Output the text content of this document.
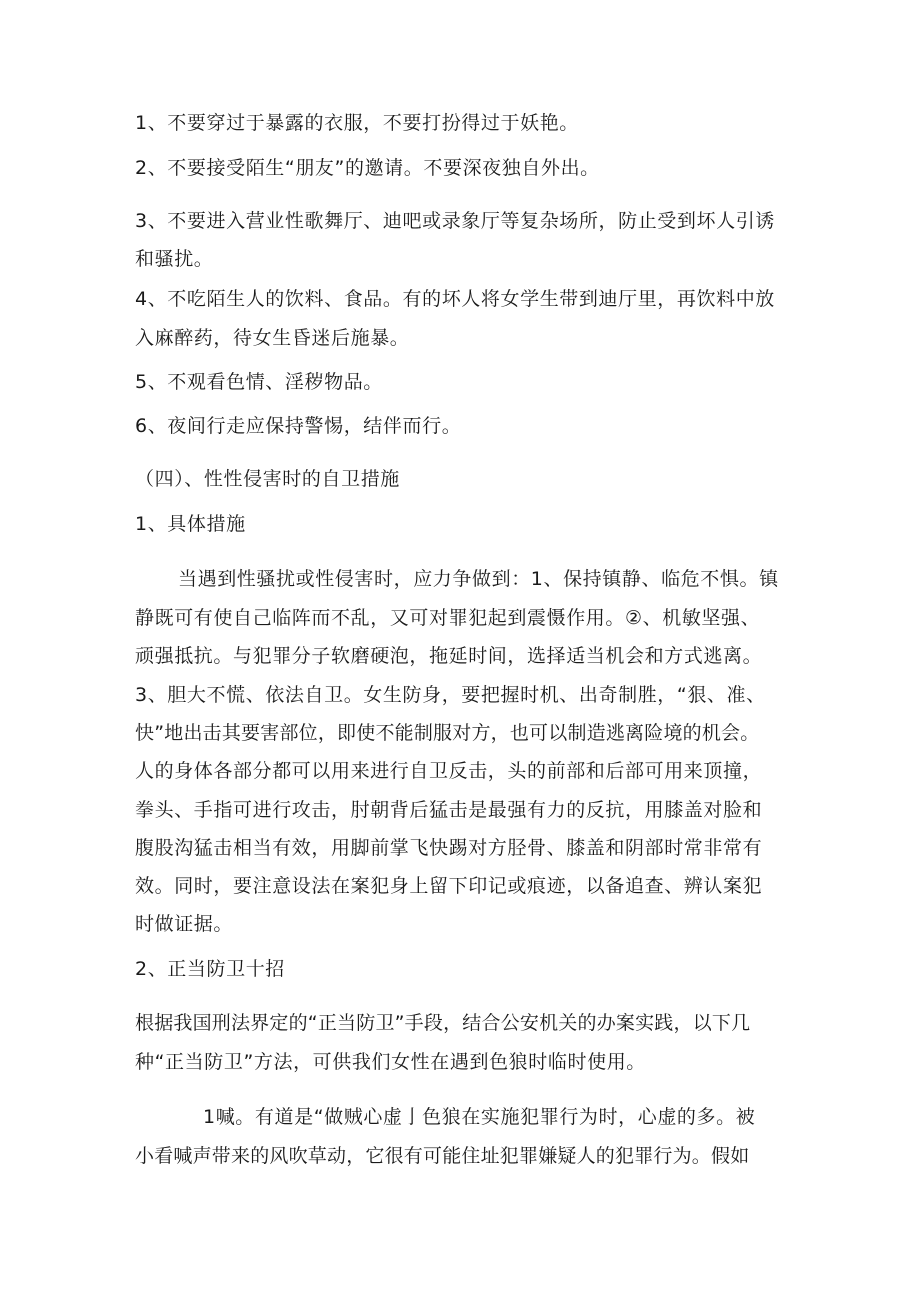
1、不要穿过于暴露的衣服，不要打扮得过于妖艳。
2、不要接受陌生“朋友”的邀请。不要深夜独自外出。
3、不要进入营业性歌舞厅、迪吧或录象厅等复杂场所，防止受到坏人引诱
和骚扰。
4、不吃陌生人的饮料、食品。有的坏人将女学生带到迪厅里，再饮料中放
入麻醉药，待女生昏迷后施暴。
5、不观看色情、淫秽物品。
6、夜间行走应保持警惕，结伴而行。
（四）、性性侵害时的自卫措施
1、具体措施
当遇到性骚扰或性侵害时，应力争做到：1、保持镇静、临危不惧。镇
静既可有使自己临阵而不乱，又可对罪犯起到震慑作用。②、机敏坚强、
顽强抵抗。与犯罪分子软磨硬泡，拖延时间，选择适当机会和方式逃离。
3、胆大不慌、依法自卫。女生防身，要把握时机、出奇制胜，“狠、准、
快”地出击其要害部位，即使不能制服对方，也可以制造逃离险境的机会。
人的身体各部分都可以用来进行自卫反击，头的前部和后部可用来顶撞，
拳头、手指可进行攻击，肘朝背后猛击是最强有力的反抗，用膝盖对脸和
腹股沟猛击相当有效，用脚前掌飞快踢对方胫骨、膝盖和阴部时常非常有
效。同时，要注意设法在案犯身上留下印记或痕迹，以备追查、辨认案犯
时做证据。
2、正当防卫十招
根据我国刑法界定的“正当防卫”手段，结合公安机关的办案实践，以下几
种“正当防卫”方法，可供我们女性在遇到色狼时临时使用。
1喊。有道是“做贼心虚亅色狼在实施犯罪行为时，心虚的多。被
小看喊声带来的风吹草动，它很有可能住址犯罪嫌疑人的犯罪行为。假如
